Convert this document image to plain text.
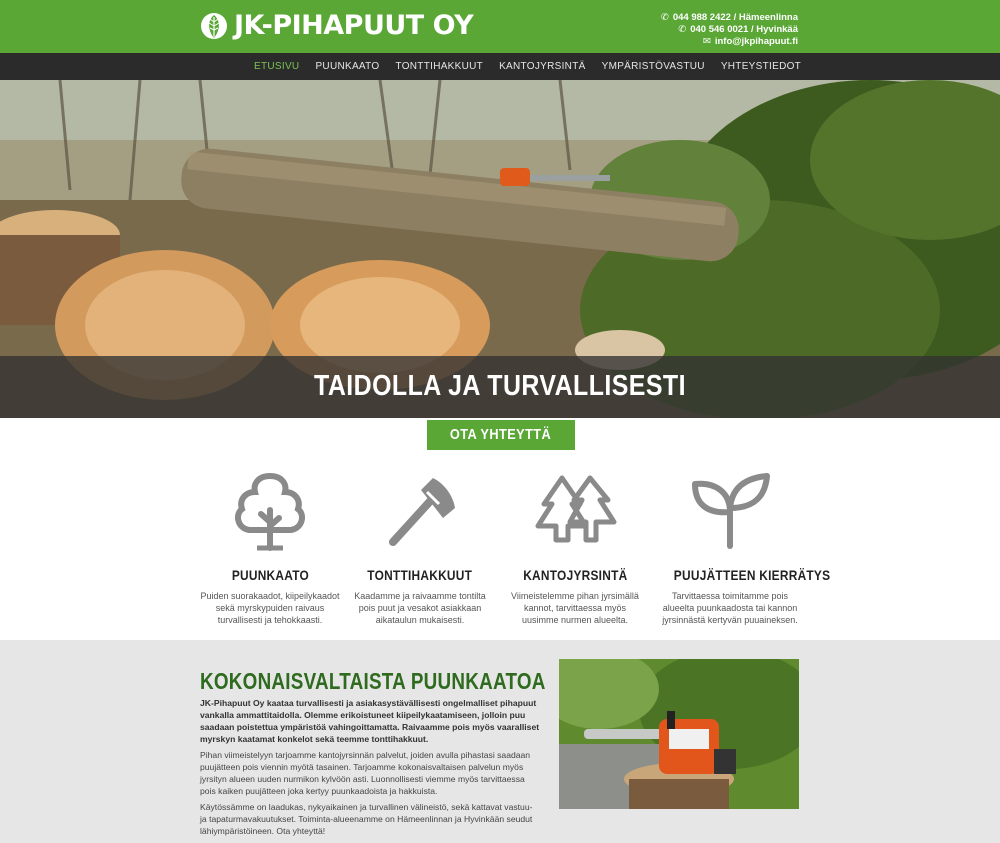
JK-PIHAPUUT OY	✆ 044 988 2422 / Hämeenlinna
✆ 040 546 0021 / Hyvinkää
✉ info@jkpihapuut.fi
ETUSIVU PUUNKAATO TONTTIHAKKUUT KANTOJYRSINTÄ YMPÄRISTÖVASTUU YHTEYSTIEDOT
TAIDOLLA JA TURVALLISESTI
OTA YHTEYTTÄ
PUUNKAATO
Puiden suorakaadot, kiipeilykaadot sekä myrskypuiden raivaus turvallisesti ja tehokkaasti.
TONTTIHAKKUUT
Kaadamme ja raivaamme tontilta pois puut ja vesakot asiakkaan aikataulun mukaisesti.
KANTOJYRSINTÄ
Viimeistelemme pihan jyrsimällä kannot, tarvittaessa myös uusimme nurmen alueelta.
PUUJÄTTEEN KIERRÄTYS
Tarvittaessa toimitamme pois alueelta puunkaadosta tai kannon jyrsinnästä kertyvän puuaineksen.
KOKONAISVALTAISTA PUUNKAATOA
JK-Pihapuut Oy kaataa turvallisesti ja asiakasystävällisesti ongelmalliset pihapuut vankalla ammattitaidolla. Olemme erikoistuneet kiipeilykaatamiseen, jolloin puu saadaan poistettua ympäristöä vahingoittamatta. Raivaamme pois myös vaaralliset myrskyn kaatamat konkelot sekä teemme tonttihakkuut.
Pihan viimeistelyyn tarjoamme kantojyrsinnän palvelut, joiden avulla pihastasi saadaan puujätteen pois viennin myötä tasainen. Tarjoamme kokonaisvaltaisen palvelun myös jyrsityn alueen uuden nurmikon kylvöön asti. Luonnollisesti viemme myös tarvittaessa pois kaiken puujätteen joka kertyy puunkaadoista ja hakkuista.
Käytössämme on laadukas, nykyaikainen ja turvallinen välineistö, sekä kattavat vastuu- ja tapaturmavakuutukset. Toiminta-alueenamme on Hämeenlinnan ja Hyvinkään seudut lähiympäristöineen. Ota yhteyttä!
